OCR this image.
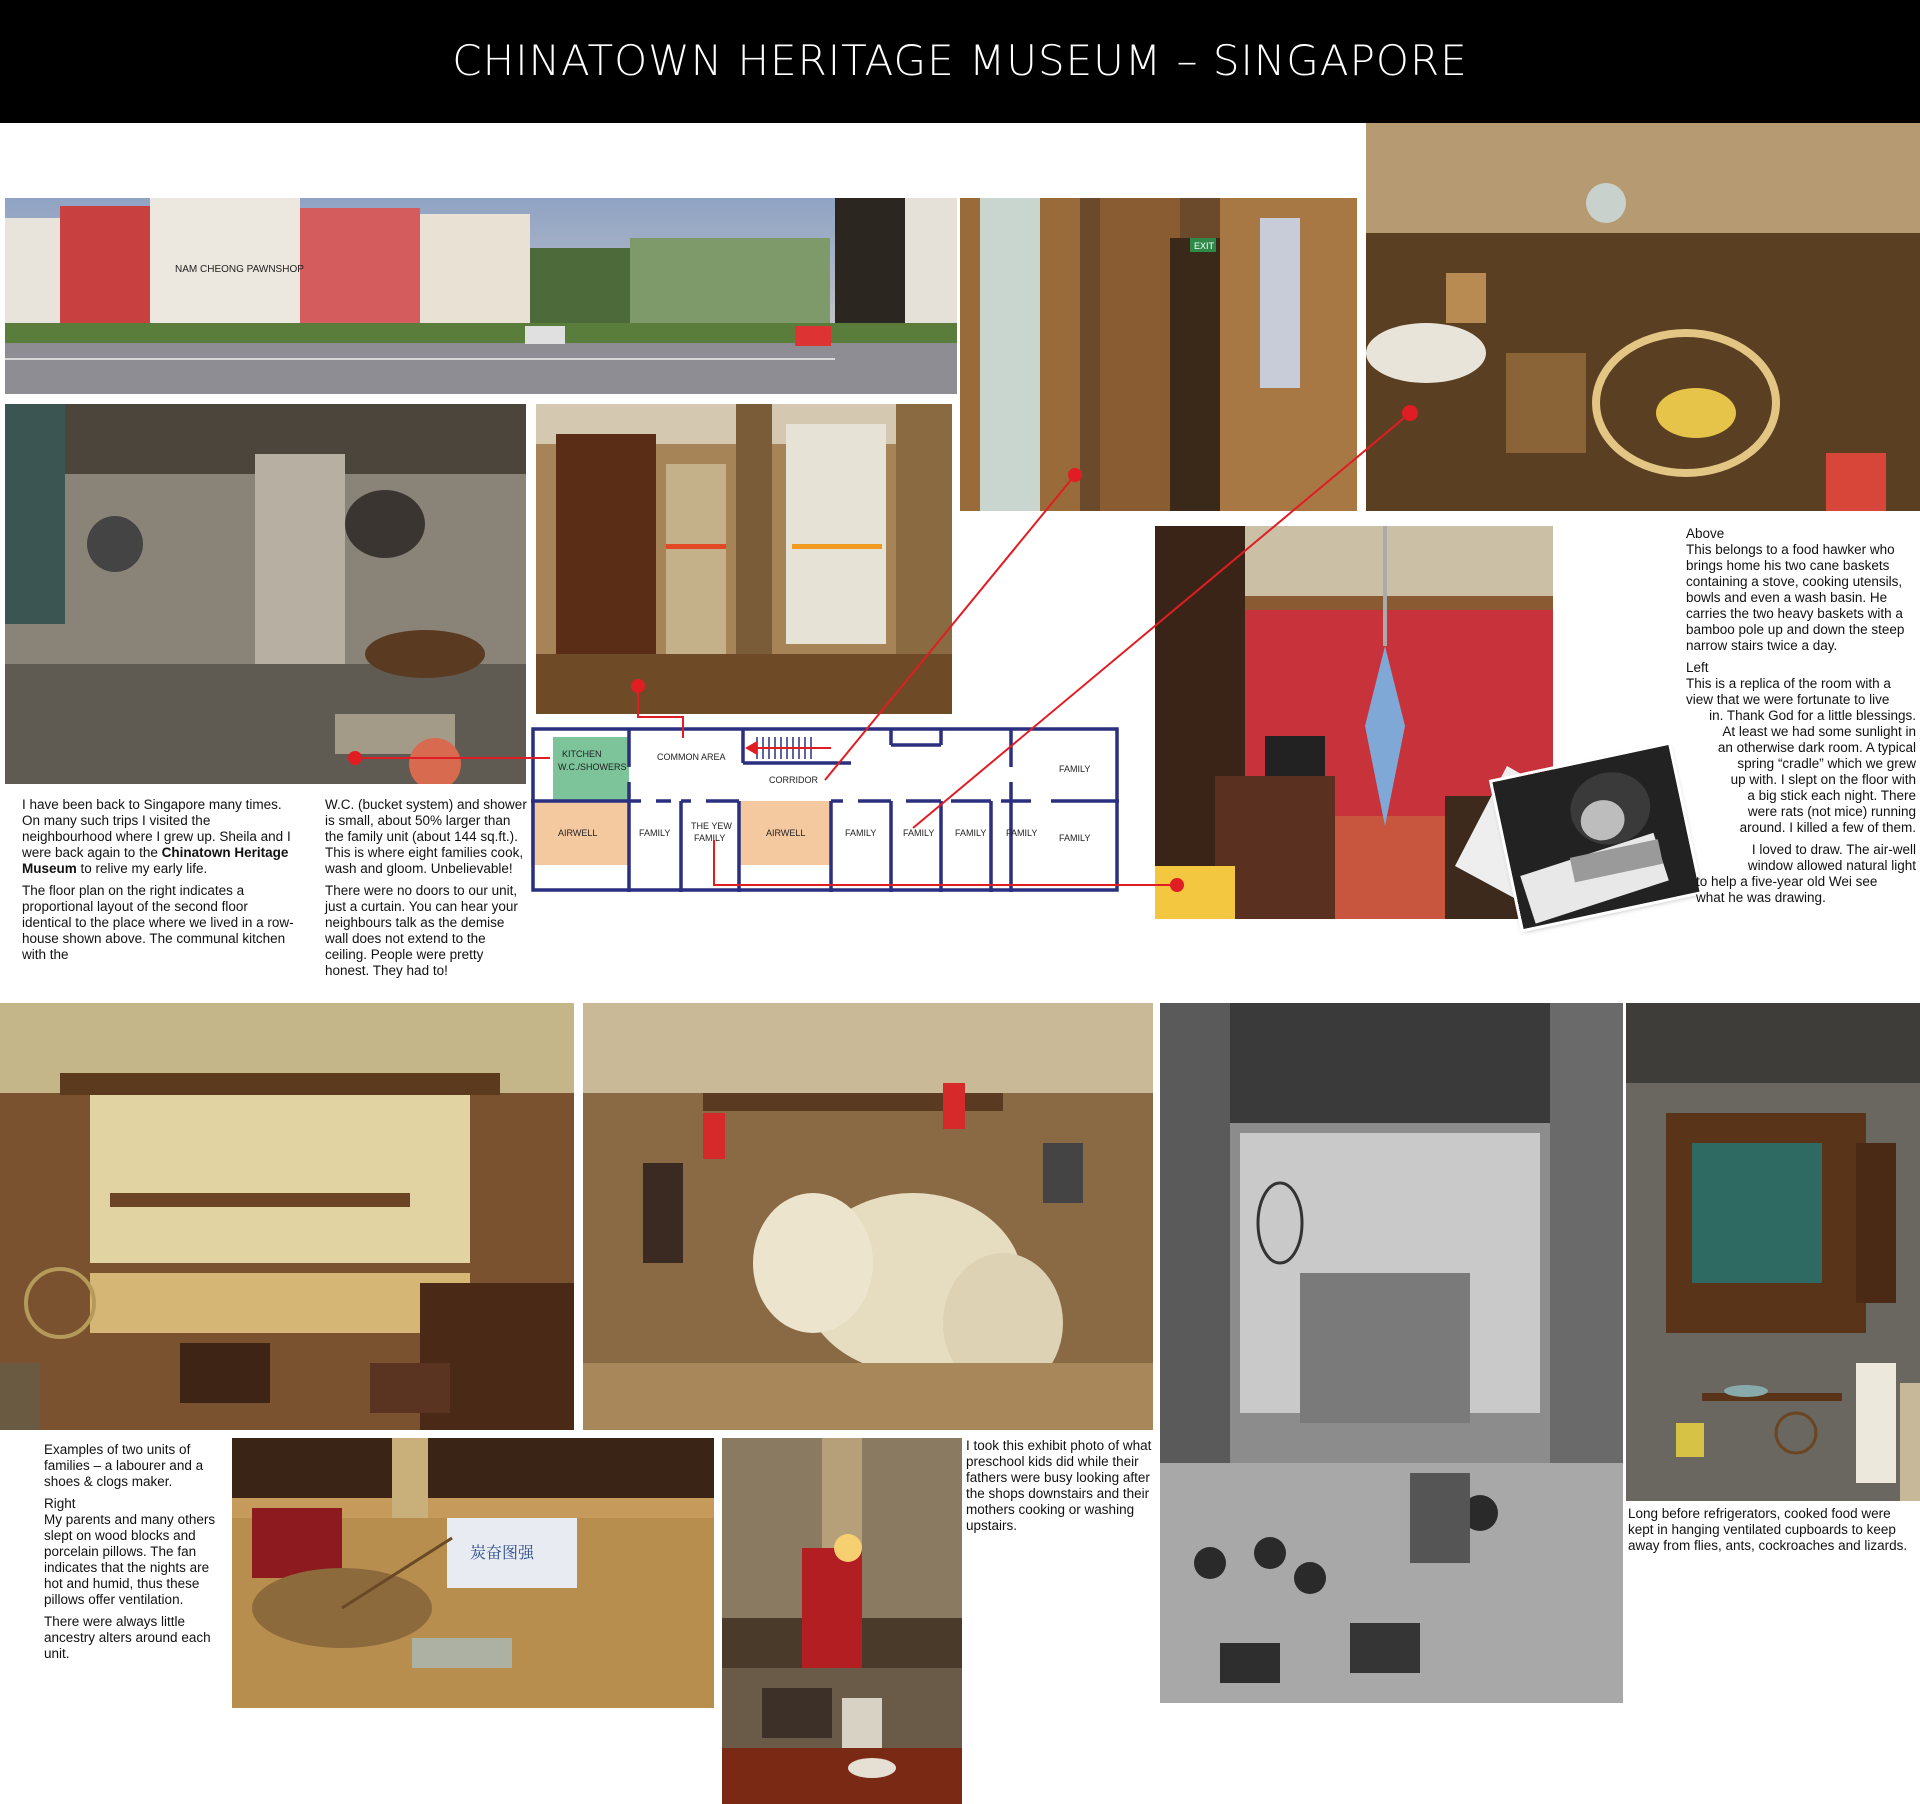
CHINATOWN HERITAGE MUSEUM – SINGAPORE
NAM CHEONG PAWNSHOP
EXIT
KITCHEN
W.C./SHOWERS
COMMON AREA
CORRIDOR
AIRWELL	FAMILY
THE YEW
FAMILY	AIRWELL	FAMILY	FAMILY FAMILY FAMILY
FAMILY
FAMILY

I have been back to Singapore many times. On many such trips I visited the neighbourhood where I grew up. Sheila and I were back again to the Chinatown Heritage Museum to relive my early life.

The floor plan on the right indicates a proportional layout of the second floor identical to the place where we lived in a row-house shown above. The communal kitchen with the

W.C. (bucket system) and shower is small, about 50% larger than the family unit (about 144 sq.ft.). This is where eight families cook, wash and gloom. Unbelievable!

There were no doors to our unit, just a curtain. You can hear your neighbours talk as the demise wall does not extend to the ceiling. People were pretty honest. They had to!

Above

This belongs to a food hawker who brings home his two cane baskets containing a stove, cooking utensils, bowls and even a wash basin. He carries the two heavy baskets with a bamboo pole up and down the steep narrow stairs twice a day.

Left

This is a replica of the room with a
view that we were fortunate to live
in. Thank God for a little blessings.
At least we had some sunlight in
an otherwise dark room. A typical
spring “cradle” which we grew
up with. I slept on the floor with
a big stick each night. There
were rats (not mice) running
around. I killed a few of them.
I loved to draw. The air-well
window allowed natural light
to help a five-year old Wei see
what he was drawing.
炭奋图强

Examples of two units of families – a labourer and a shoes & clogs maker.

Right

My parents and many others slept on wood blocks and porcelain pillows. The fan indicates that the nights are hot and humid, thus these pillows offer ventilation.

There were always little ancestry alters around each unit.

I took this exhibit photo of what preschool kids did while their fathers were busy looking after the shops downstairs and their mothers cooking or washing upstairs.

Long before refrigerators, cooked food were kept in hanging ventilated cupboards to keep away from flies, ants, cockroaches and lizards.
